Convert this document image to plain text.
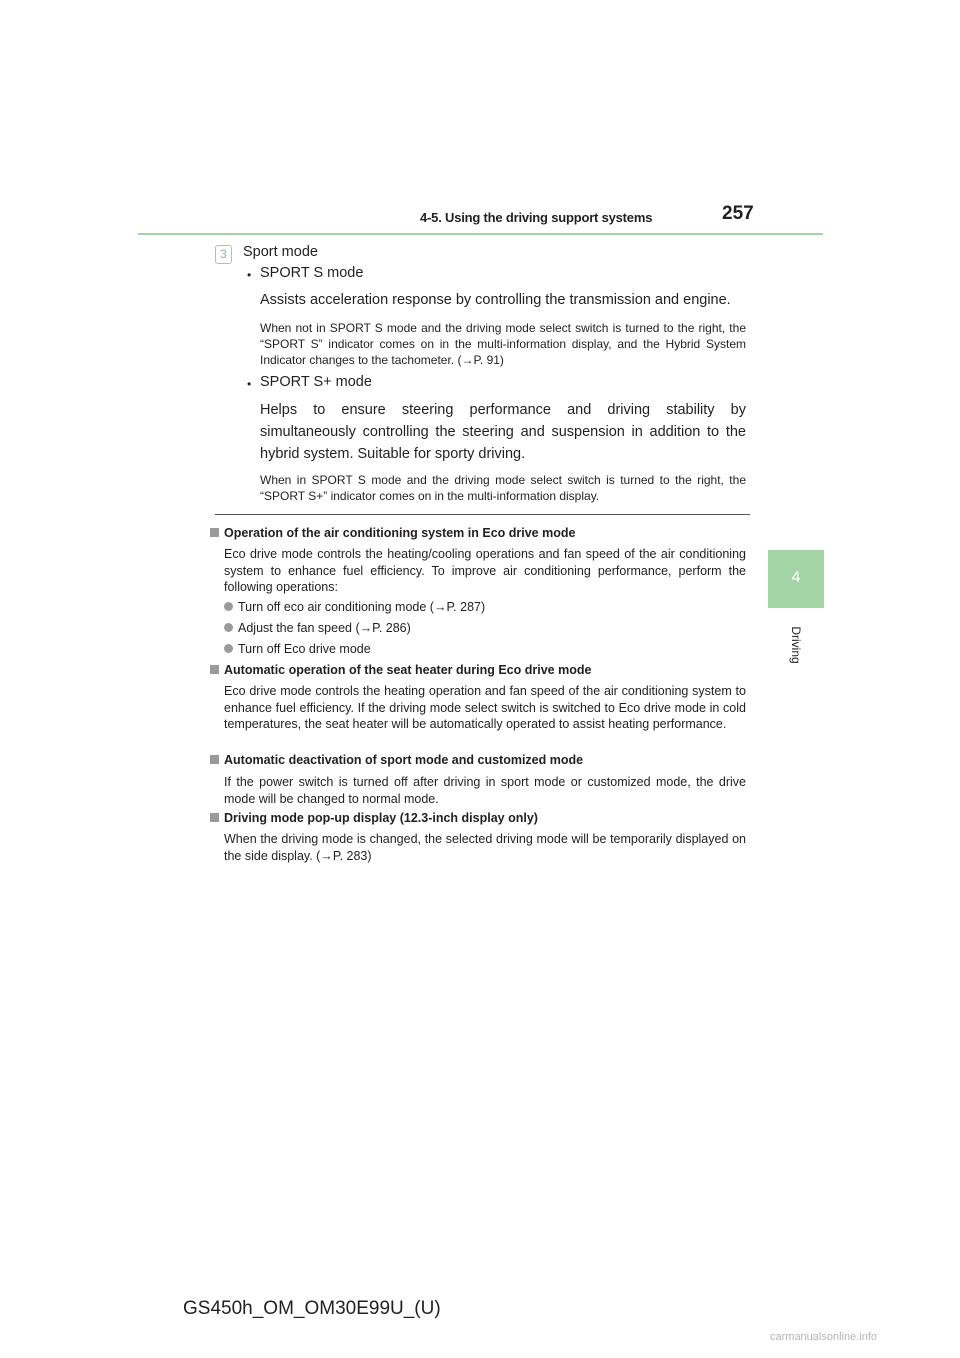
4-5. Using the driving support systems	257
4
Driving
3	Sport mode
• SPORT S mode
Assists acceleration response by controlling the transmission and engine.
When not in SPORT S mode and the driving mode select switch is turned to the right, the “SPORT S” indicator comes on in the multi-information display, and the Hybrid System Indicator changes to the tachometer. (→P. 91)
• SPORT S+ mode
Helps to ensure steering performance and driving stability by simultaneously controlling the steering and suspension in addition to the hybrid system. Suitable for sporty driving.
When in SPORT S mode and the driving mode select switch is turned to the right, the “SPORT S+” indicator comes on in the multi-information display.
Operation of the air conditioning system in Eco drive mode
Eco drive mode controls the heating/cooling operations and fan speed of the air conditioning system to enhance fuel efficiency. To improve air conditioning performance, perform the following operations:
Turn off eco air conditioning mode (→P. 287)
Adjust the fan speed (→P. 286)
Turn off Eco drive mode
Automatic operation of the seat heater during Eco drive mode
Eco drive mode controls the heating operation and fan speed of the air conditioning system to enhance fuel efficiency. If the driving mode select switch is switched to Eco drive mode in cold temperatures, the seat heater will be automatically operated to assist heating performance.
Automatic deactivation of sport mode and customized mode
If the power switch is turned off after driving in sport mode or customized mode, the drive mode will be changed to normal mode.
Driving mode pop-up display (12.3-inch display only)
When the driving mode is changed, the selected driving mode will be temporarily displayed on the side display. (→P. 283)
GS450h_OM_OM30E99U_(U)
carmanualsonline.info
